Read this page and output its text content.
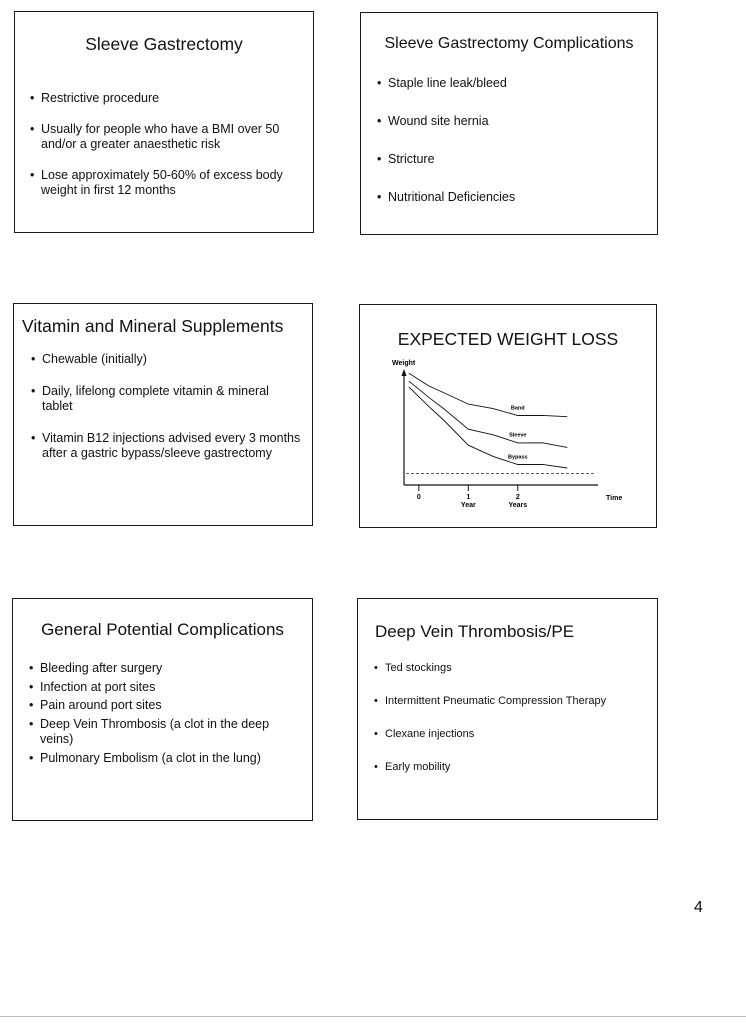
Sleeve Gastrectomy
• Restrictive procedure
• Usually for people who have a BMI over 50 and/or a greater anaesthetic risk
• Lose approximately 50-60% of excess body weight in first 12 months
Sleeve Gastrectomy Complications
• Staple line leak/bleed
• Wound site hernia
• Stricture
• Nutritional Deficiencies
Vitamin and Mineral Supplements
• Chewable (initially)
• Daily, lifelong complete vitamin & mineral tablet
• Vitamin B12 injections advised every 3 months after a gastric bypass/sleeve gastrectomy
EXPECTED WEIGHT LOSS
Weight
Time
0	1
Year
2
Years
Band
Sleeve
Bypass
General Potential Complications
• Bleeding after surgery
• Infection at port sites
• Pain around port sites
• Deep Vein Thrombosis (a clot in the deep veins)
• Pulmonary Embolism (a clot in the lung)
Deep Vein Thrombosis/PE
• Ted stockings
• Intermittent Pneumatic Compression Therapy
• Clexane injections
• Early mobility
4
